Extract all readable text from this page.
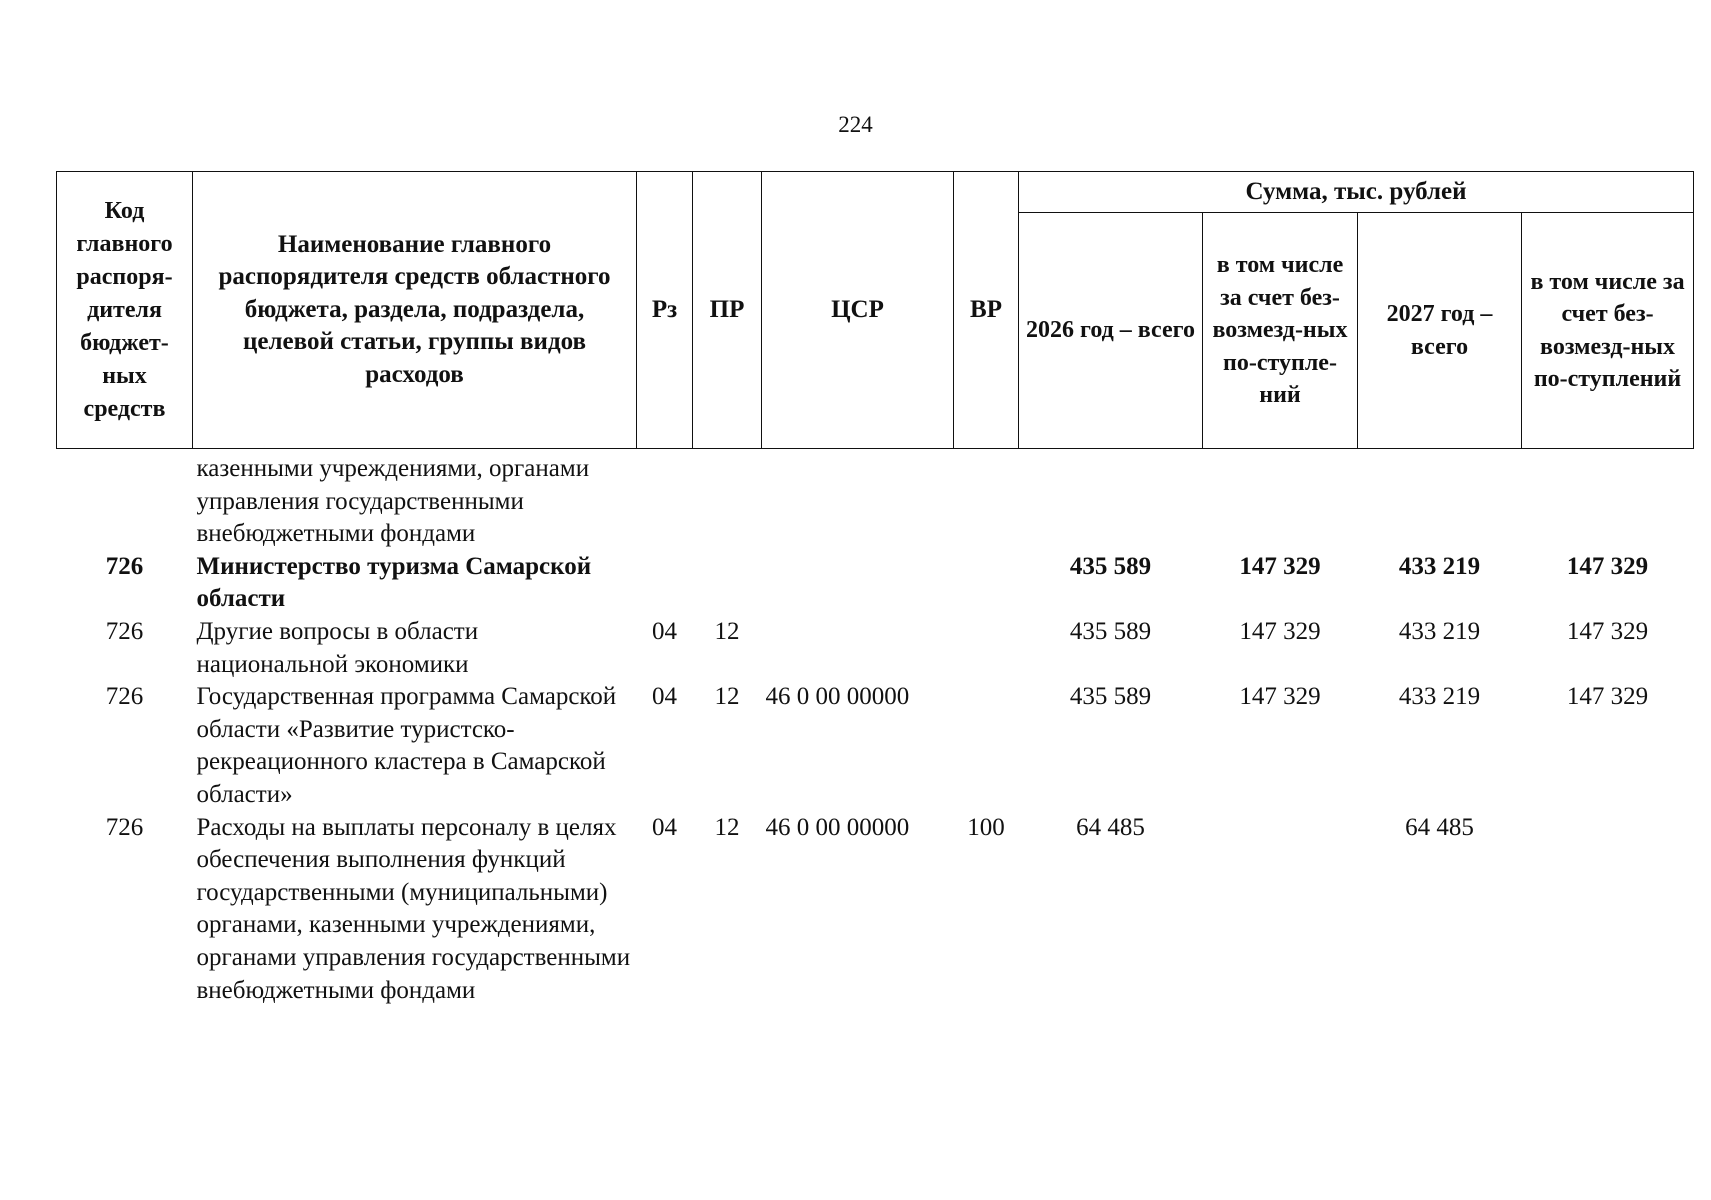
224
Код главного распоря-дителя бюджет-ных средств	Наименование главного распорядителя средств областного бюджета, раздела, подраздела, целевой статьи, группы видов расходов	Рз	ПР	ЦСР	ВР	Сумма, тыс. рублей			
						2026 год – всего	в том числе за счет без-возмезд-ных по-ступле-ний	2027 год – всего	в том числе за счет без-возмезд-ных по-ступлений
	казенными учреждениями, органами управления государственными внебюджетными фондами								
726	Министерство туризма Самарской области					435 589	147 329	433 219	147 329
726	Другие вопросы в области национальной экономики	04	12			435 589	147 329	433 219	147 329
726	Государственная программа Самарской области «Развитие туристско-рекреационного кластера в Самарской области»	04	12	46 0 00 00000		435 589	147 329	433 219	147 329
726	Расходы на выплаты персоналу в целях обеспечения выполнения функций государственными (муниципальными) органами, казенными учреждениями, органами управления государственными внебюджетными фондами	04	12	46 0 00 00000	100	64 485		64 485	
